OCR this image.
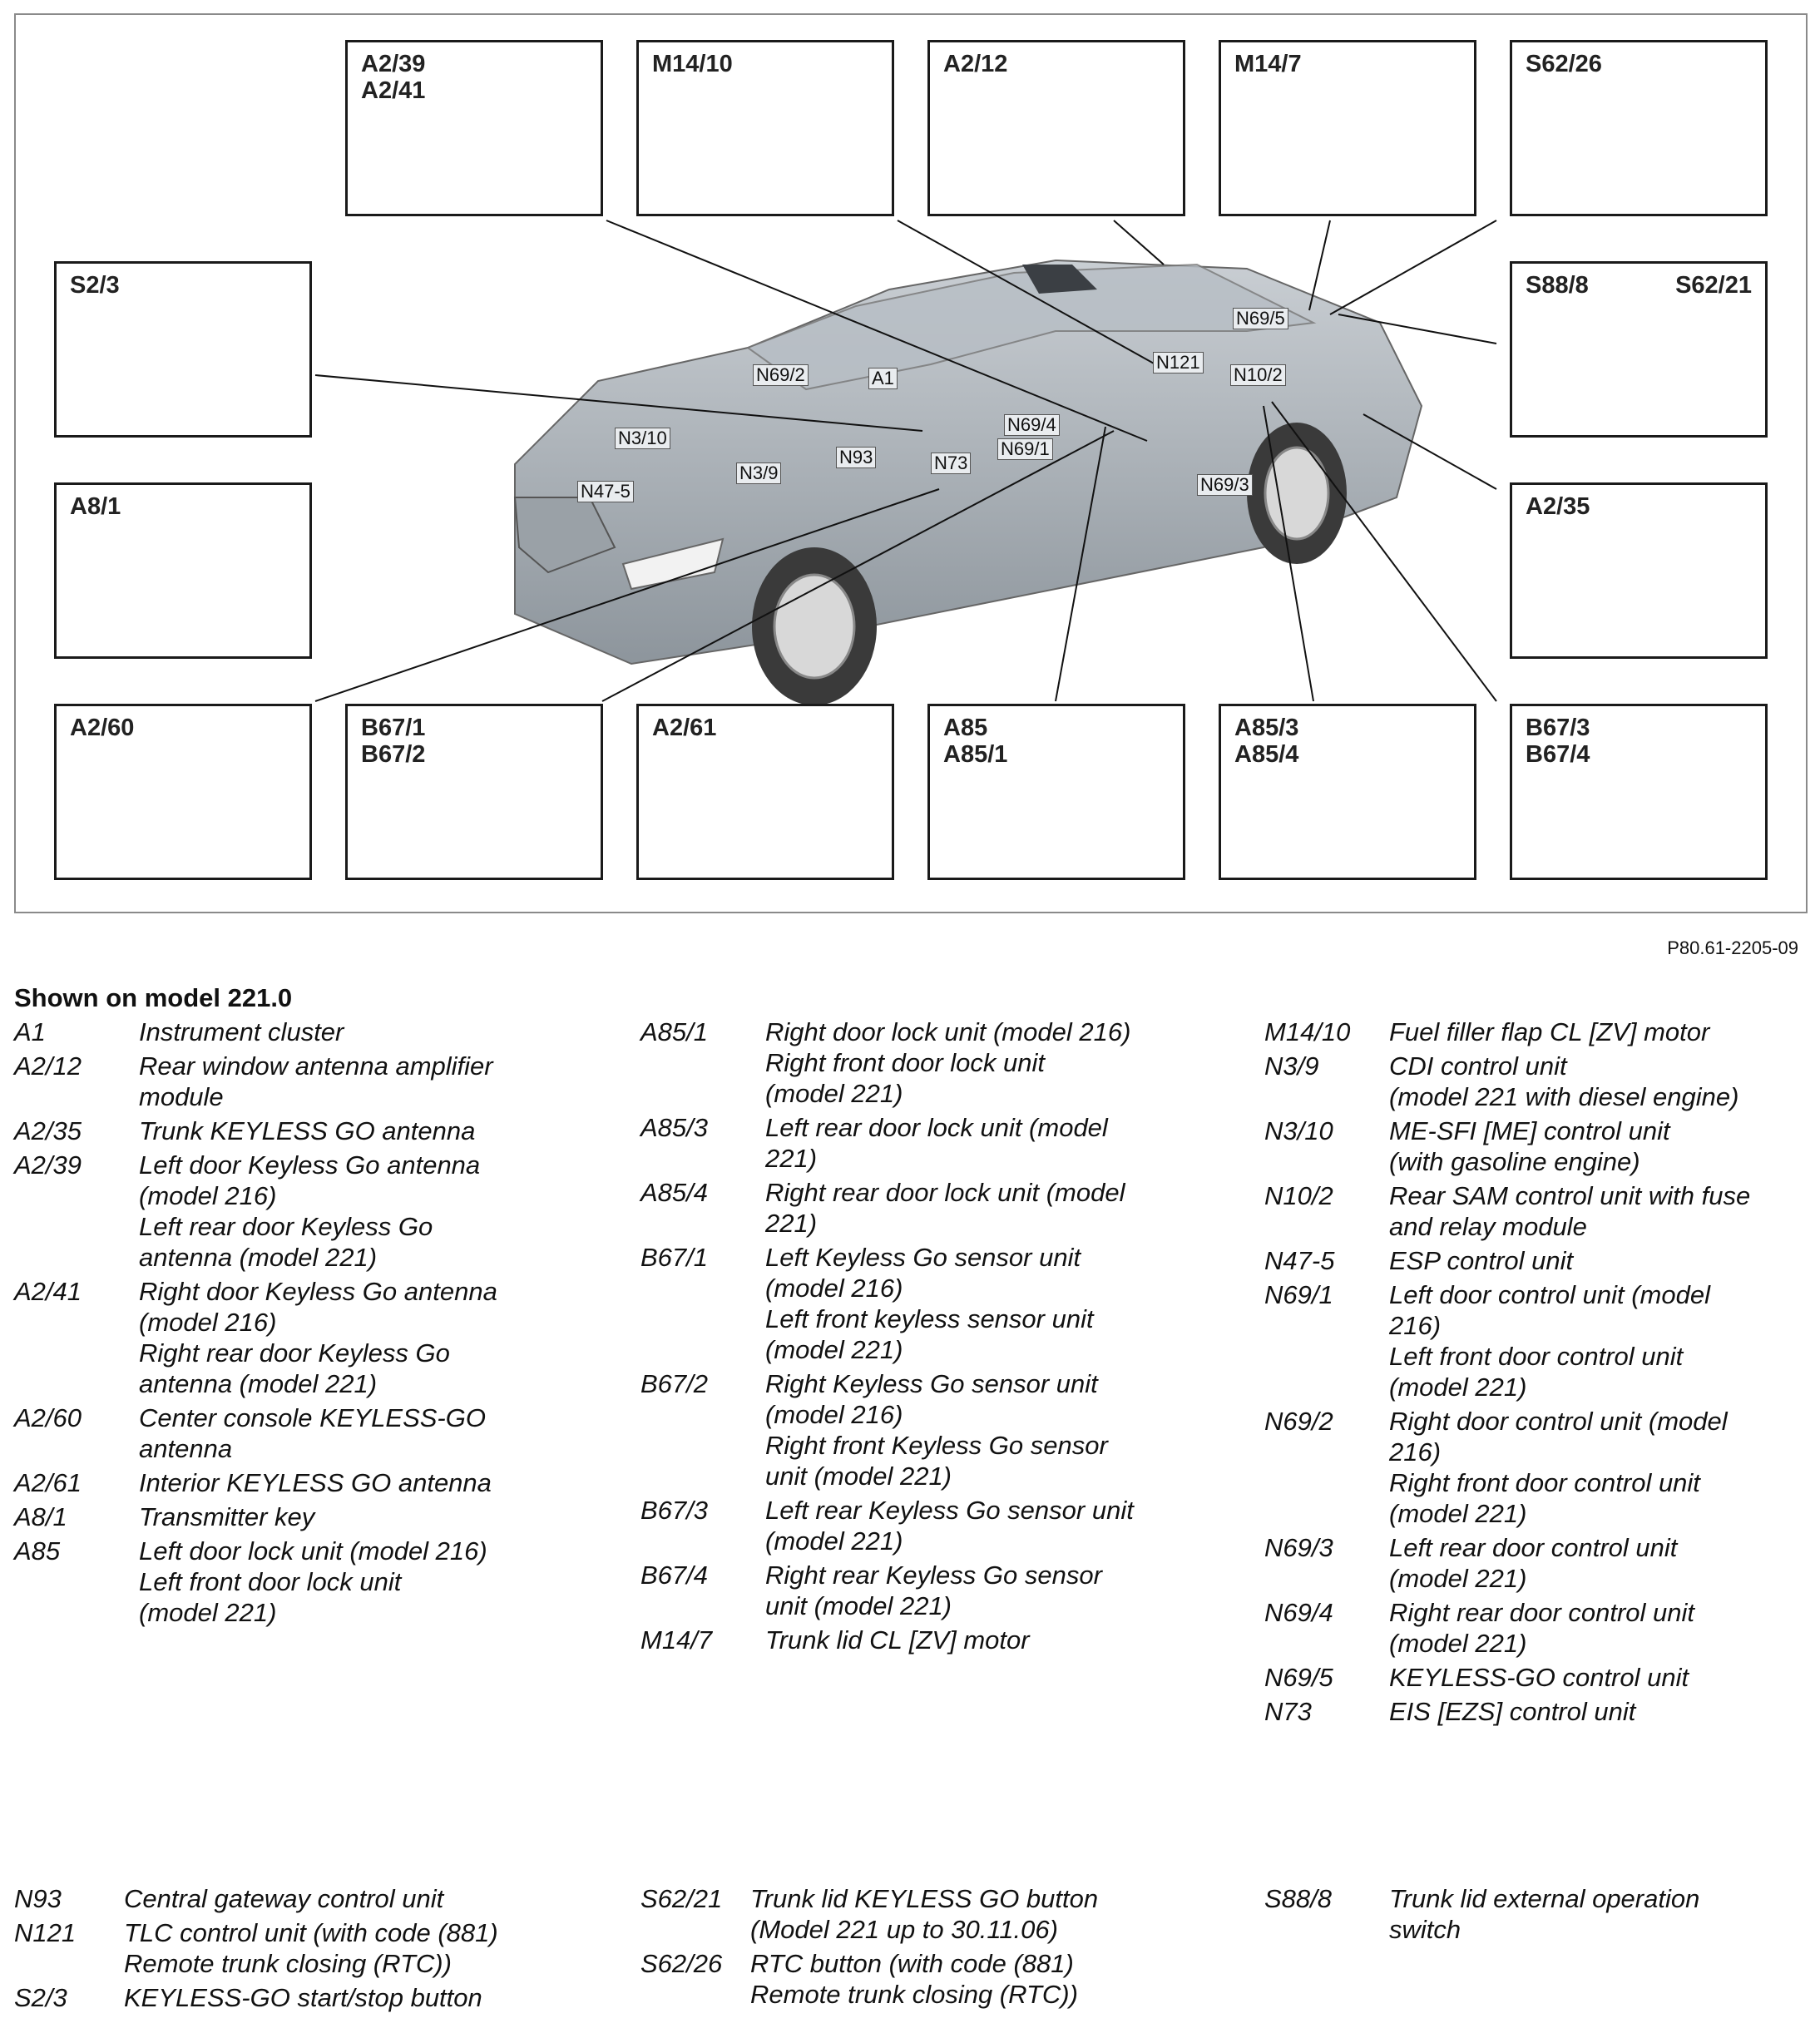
A2/39
A2/41
M14/10	A2/12	M14/7	S62/26
S2/3	S88/8	S62/21
A8/1	A2/35
A2/60	B67/1
B67/2
A2/61	A85
A85/1
A85/3
A85/4
B67/3
B67/4
N69/5
N121
N10/2
N69/2	A1
N69/4
N3/10
N69/1
N93	N73
N3/9
N47-5	N69/3
P80.61-2205-09
Shown on model 221.0
A1	Instrument cluster
A2/12	Rear window antenna amplifier
module
A2/35	Trunk KEYLESS GO antenna
A2/39	Left door Keyless Go antenna
(model 216)
Left rear door Keyless Go
antenna (model 221)
A2/41	Right door Keyless Go antenna
(model 216)
Right rear door Keyless Go
antenna (model 221)
A2/60	Center console KEYLESS-GO
antenna
A2/61	Interior KEYLESS GO antenna
A8/1	Transmitter key
A85	Left door lock unit (model 216)
Left front door lock unit
(model 221)
A85/1	Right door lock unit (model 216)
Right front door lock unit
(model 221)
A85/3	Left rear door lock unit (model
221)
A85/4	Right rear door lock unit (model
221)
B67/1	Left Keyless Go sensor unit
(model 216)
Left front keyless sensor unit
(model 221)
B67/2	Right Keyless Go sensor unit
(model 216)
Right front Keyless Go sensor
unit (model 221)
B67/3	Left rear Keyless Go sensor unit
(model 221)
B67/4	Right rear Keyless Go sensor
unit (model 221)
M14/7	Trunk lid CL [ZV] motor
M14/10	Fuel filler flap CL [ZV] motor
N3/9	CDI control unit
(model 221 with diesel engine)
N3/10	ME-SFI [ME] control unit
(with gasoline engine)
N10/2	Rear SAM control unit with fuse
and relay module
N47-5	ESP control unit
N69/1	Left door control unit (model
216)
Left front door control unit
(model 221)
N69/2	Right door control unit (model
216)
Right front door control unit
(model 221)
N69/3	Left rear door control unit
(model 221)
N69/4	Right rear door control unit
(model 221)
N69/5	KEYLESS-GO control unit
N73	EIS [EZS] control unit
N93	Central gateway control unit
N121	TLC control unit (with code (881)
Remote trunk closing (RTC))
S2/3	KEYLESS-GO start/stop button
S62/21	Trunk lid KEYLESS GO button
(Model 221 up to 30.11.06)
S62/26	RTC button (with code (881)
Remote trunk closing (RTC))
S88/8	Trunk lid external operation
switch
